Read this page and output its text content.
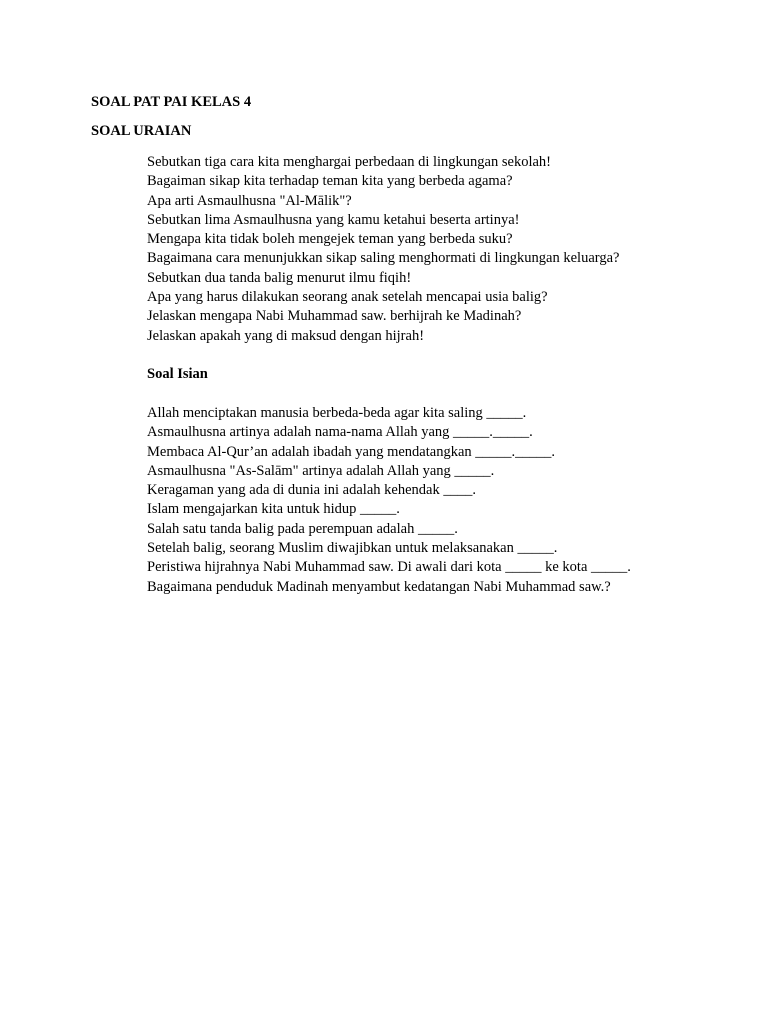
SOAL PAT PAI KELAS 4
SOAL URAIAN
Sebutkan tiga cara kita menghargai perbedaan di lingkungan sekolah!
Bagaiman sikap kita terhadap teman kita yang berbeda agama?
Apa arti Asmaulhusna "Al-Mālik"?
Sebutkan lima Asmaulhusna yang kamu ketahui beserta artinya!
Mengapa kita tidak boleh mengejek teman yang berbeda suku?
Bagaimana cara menunjukkan sikap saling menghormati di lingkungan keluarga?
Sebutkan dua tanda balig menurut ilmu fiqih!
Apa yang harus dilakukan seorang anak setelah mencapai usia balig?
Jelaskan mengapa Nabi Muhammad saw. berhijrah ke Madinah?
Jelaskan apakah yang di maksud dengan hijrah!
Soal Isian
Allah menciptakan manusia berbeda-beda agar kita saling _____.
Asmaulhusna artinya adalah nama-nama Allah yang _____._____.
Membaca Al-Qur’an adalah ibadah yang mendatangkan _____._____.
Asmaulhusna "As-Salām" artinya adalah Allah yang _____.
Keragaman yang ada di dunia ini adalah kehendak ____.
Islam mengajarkan kita untuk hidup _____.
Salah satu tanda balig pada perempuan adalah _____.
Setelah balig, seorang Muslim diwajibkan untuk melaksanakan _____.
Peristiwa hijrahnya Nabi Muhammad saw. Di awali dari kota _____ ke kota _____.
Bagaimana penduduk Madinah menyambut kedatangan Nabi Muhammad saw.?
